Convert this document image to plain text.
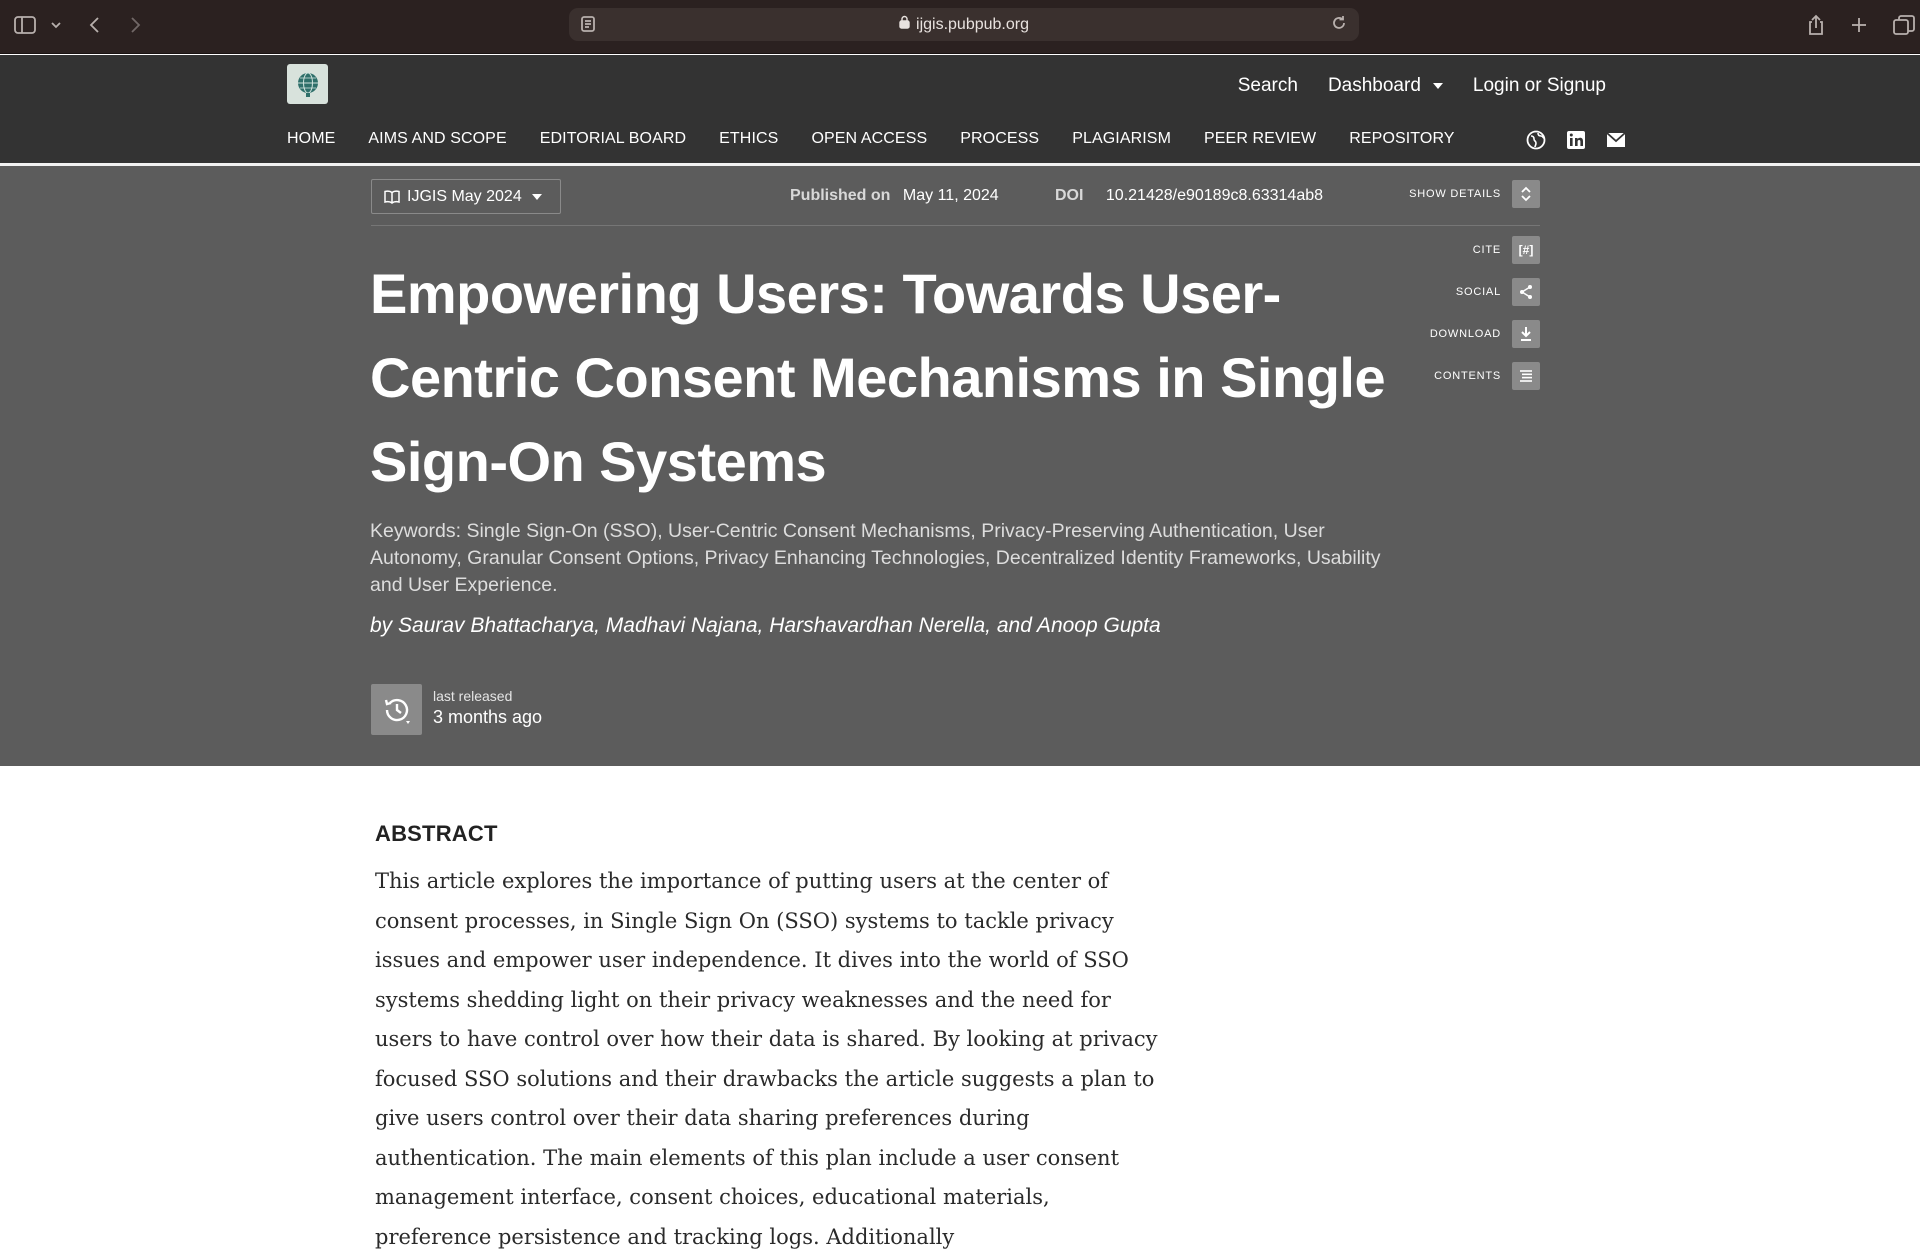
ijgis.pubpub.org
Search Dashboard	Login or Signup
HOME AIMS AND SCOPE EDITORIAL BOARD ETHICS OPEN ACCESS PROCESS PLAGIARISM PEER REVIEW REPOSITORY
IJGIS May 2024	Published on May 11, 2024	DOI 10.21428/e90189c8.63314ab8	SHOW DETAILS
CITE	[#]
SOCIAL
DOWNLOAD
CONTENTS
Empowering Users: Towards User-Centric Consent Mechanisms in Single Sign-On Systems
Keywords: Single Sign-On (SSO), User-Centric Consent Mechanisms, Privacy-Preserving Authentication, User Autonomy, Granular Consent Options, Privacy Enhancing Technologies, Decentralized Identity Frameworks, Usability and User Experience.
by Saurav Bhattacharya, Madhavi Najana, Harshavardhan Nerella, and Anoop Gupta
last released
3 months ago
ABSTRACT

This article explores the importance of putting users at the center of consent processes, in Single Sign On (SSO) systems to tackle privacy issues and empower user independence. It dives into the world of SSO systems shedding light on their privacy weaknesses and the need for users to have control over how their data is shared. By looking at privacy focused SSO solutions and their drawbacks the article suggests a plan to give users control over their data sharing preferences during authentication. The main elements of this plan include a user consent management interface, consent choices, educational materials, preference persistence and tracking logs. Additionally
